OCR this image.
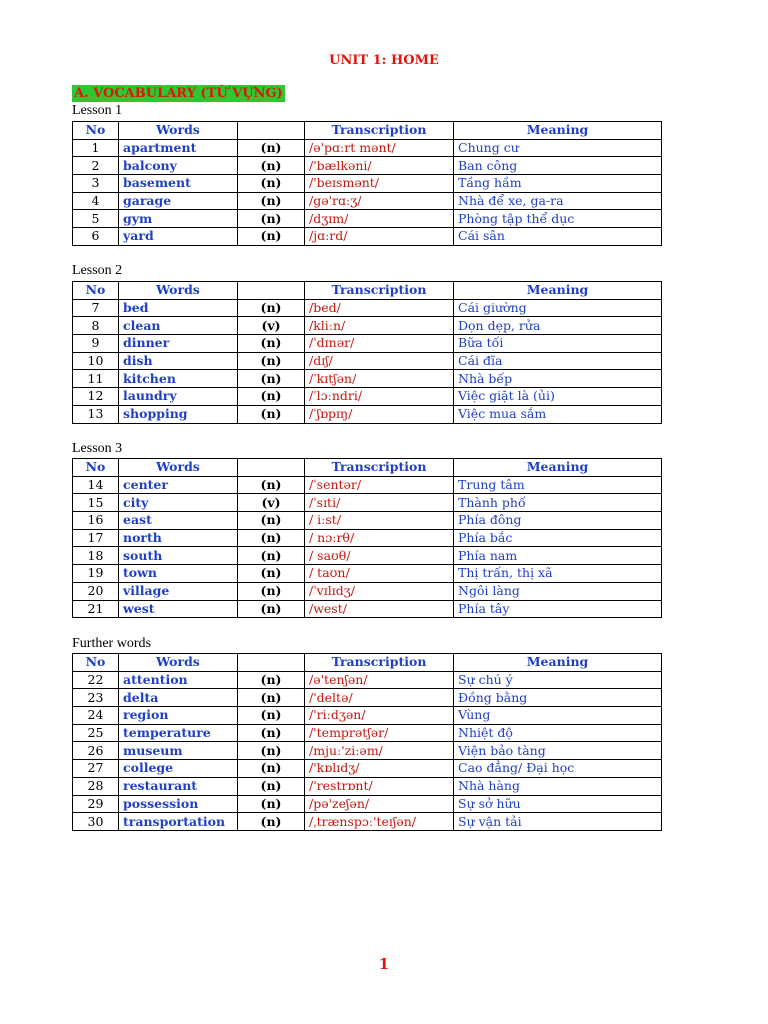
UNIT 1: HOME
A. VOCABULARY (TỪ VỰNG)
Lesson 1
No	Words		Transcription	Meaning
1	apartment	(n)	/ə'pɑːrt mənt/	Chung cư
2	balcony	(n)	/'bælkəni/	Ban công
3	basement	(n)	/'beɪsmənt/	Tầng hầm
4	garage	(n)	/gə'rɑːʒ/	Nhà để xe, ga-ra
5	gym	(n)	/dʒɪm/	Phòng tập thể dục
6	yard	(n)	/jɑːrd/	Cái sân
Lesson 2
No	Words		Transcription	Meaning
7	bed	(n)	/bed/	Cái giường
8	clean	(v)	/kliːn/	Dọn dẹp, rửa
9	dinner	(n)	/ˈdɪnər/	Bữa tối
10	dish	(n)	/dɪʃ/	Cái đĩa
11	kitchen	(n)	/ˈkɪtʃən/	Nhà bếp
12	laundry	(n)	/ˈlɔːndri/	Việc giặt là (ủi)
13	shopping	(n)	/ˈʃɒpɪŋ/	Việc mua sắm
Lesson 3
No	Words		Transcription	Meaning
14	center	(n)	/ˈsentər/	Trung tâm
15	city	(v)	/ˈsɪti/	Thành phố
16	east	(n)	/ iːst/	Phía đông
17	north	(n)	/ nɔːrθ/	Phía bắc
18	south	(n)	/ saʊθ/	Phía nam
19	town	(n)	/ taʊn/	Thị trấn, thị xã
20	village	(n)	/ˈvɪlɪdʒ/	Ngôi làng
21	west	(n)	/west/	Phía tây
Further words
No	Words		Transcription	Meaning
22	attention	(n)	/ə'tenʃən/	Sự chú ý
23	delta	(n)	/'deltə/	Đồng bằng
24	region	(n)	/'riːdʒən/	Vùng
25	temperature	(n)	/'temprətʃər/	Nhiệt độ
26	museum	(n)	/mjuː'ziːəm/	Viện bảo tàng
27	college	(n)	/'kɒlɪdʒ/	Cao đẳng/ Đại học
28	restaurant	(n)	/'restrɒnt/	Nhà hàng
29	possession	(n)	/pə'zeʃən/	Sự sở hữu
30	transportation	(n)	/ˌtrænspɔː'teɪʃən/	Sự vận tải
1
